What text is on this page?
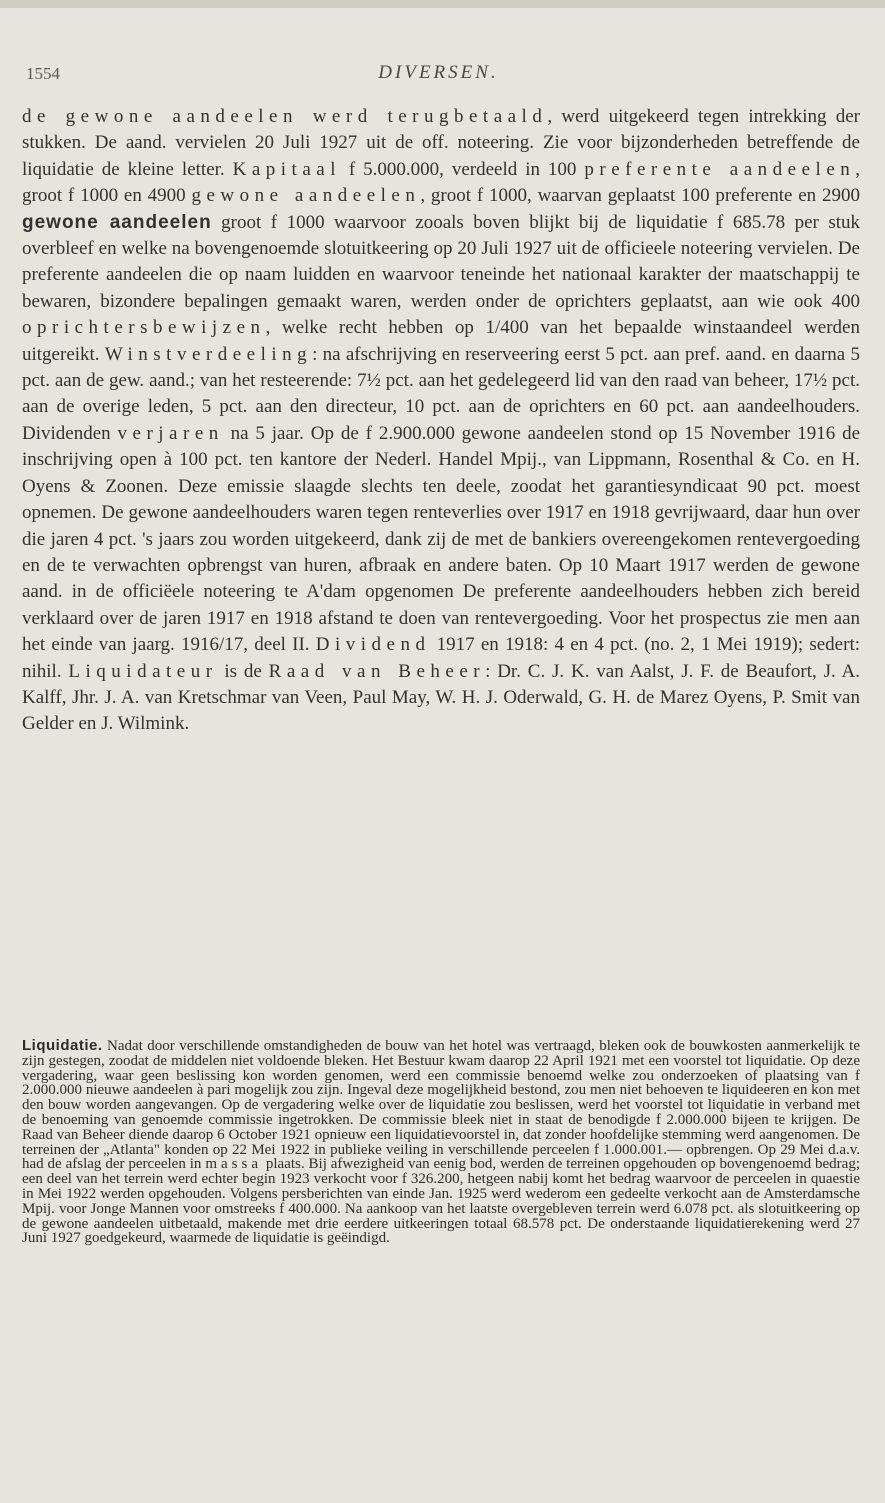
1554	DIVERSEN.

de gewone aandeelen werd terugbetaald, werd uitgekeerd tegen intrekking der stukken. De aand. vervielen 20 Juli 1927 uit de off. noteering. Zie voor bijzonderheden betreffende de liquidatie de kleine letter. Kapitaal f 5.000.000, verdeeld in 100 preferente aandeelen, groot f 1000 en 4900 gewone aandeelen, groot f 1000, waarvan geplaatst 100 preferente en 2900 gewone aandeelen groot f 1000 waarvoor zooals boven blijkt bij de liquidatie f 685.78 per stuk overbleef en welke na bovengenoemde slotuitkeering op 20 Juli 1927 uit de officieele noteering vervielen. De preferente aandeelen die op naam luidden en waarvoor teneinde het nationaal karakter der maatschappij te bewaren, bizondere bepalingen gemaakt waren, werden onder de oprichters geplaatst, aan wie ook 400 oprichtersbewijzen, welke recht hebben op 1/400 van het bepaalde winstaandeel werden uitgereikt. Winstverdeeling: na afschrijving en reserveering eerst 5 pct. aan pref. aand. en daarna 5 pct. aan de gew. aand.; van het resteerende: 7½ pct. aan het gedelegeerd lid van den raad van beheer, 17½ pct. aan de overige leden, 5 pct. aan den directeur, 10 pct. aan de oprichters en 60 pct. aan aandeelhouders. Dividenden verjaren na 5 jaar. Op de f 2.900.000 gewone aandeelen stond op 15 November 1916 de inschrijving open à 100 pct. ten kantore der Nederl. Handel Mpij., van Lippmann, Rosenthal & Co. en H. Oyens & Zoonen. Deze emissie slaagde slechts ten deele, zoodat het garantiesyndicaat 90 pct. moest opnemen. De gewone aandeelhouders waren tegen renteverlies over 1917 en 1918 gevrijwaard, daar hun over die jaren 4 pct. 's jaars zou worden uitgekeerd, dank zij de met de bankiers overeengekomen rentevergoeding en de te verwachten opbrengst van huren, afbraak en andere baten. Op 10 Maart 1917 werden de gewone aand. in de officiëele noteering te A'dam opgenomen De preferente aandeelhouders hebben zich bereid verklaard over de jaren 1917 en 1918 afstand te doen van rentevergoeding. Voor het prospectus zie men aan het einde van jaarg. 1916/17, deel II. Dividend 1917 en 1918: 4 en 4 pct. (no. 2, 1 Mei 1919); sedert: nihil. Liquidateur is de Raad van Beheer: Dr. C. J. K. van Aalst, J. F. de Beaufort, J. A. Kalff, Jhr. J. A. van Kretschmar van Veen, Paul May, W. H. J. Oderwald, G. H. de Marez Oyens, P. Smit van Gelder en J. Wilmink.

Liquidatie. Nadat door verschillende omstandigheden de bouw van het hotel was vertraagd, bleken ook de bouwkosten aanmerkelijk te zijn gestegen, zoodat de middelen niet voldoende bleken. Het Bestuur kwam daarop 22 April 1921 met een voorstel tot liquidatie. Op deze vergadering, waar geen beslissing kon worden genomen, werd een commissie benoemd welke zou onderzoeken of plaatsing van f 2.000.000 nieuwe aandeelen à pari mogelijk zou zijn. Ingeval deze mogelijkheid bestond, zou men niet behoeven te liquideeren en kon met den bouw worden aangevangen. Op de vergadering welke over de liquidatie zou beslissen, werd het voorstel tot liquidatie in verband met de benoeming van genoemde commissie ingetrokken. De commissie bleek niet in staat de benodigde f 2.000.000 bijeen te krijgen. De Raad van Beheer diende daarop 6 October 1921 opnieuw een liquidatievoorstel in, dat zonder hoofdelijke stemming werd aangenomen. De terreinen der „Atlanta" konden op 22 Mei 1922 in publieke veiling in verschillende perceelen f 1.000.001.— opbrengen. Op 29 Mei d.a.v. had de afslag der perceelen in massa plaats. Bij afwezigheid van eenig bod, werden de terreinen opgehouden op bovengenoemd bedrag; een deel van het terrein werd echter begin 1923 verkocht voor f 326.200, hetgeen nabij komt het bedrag waarvoor de perceelen in quaestie in Mei 1922 werden opgehouden. Volgens persberichten van einde Jan. 1925 werd wederom een gedeelte verkocht aan de Amsterdamsche Mpij. voor Jonge Mannen voor omstreeks f 400.000. Na aankoop van het laatste overgebleven terrein werd 6.078 pct. als slotuitkeering op de gewone aandeelen uitbetaald, makende met drie eerdere uitkeeringen totaal 68.578 pct. De onderstaande liquidatierekening werd 27 Juni 1927 goedgekeurd, waarmede de liquidatie is geëindigd.
